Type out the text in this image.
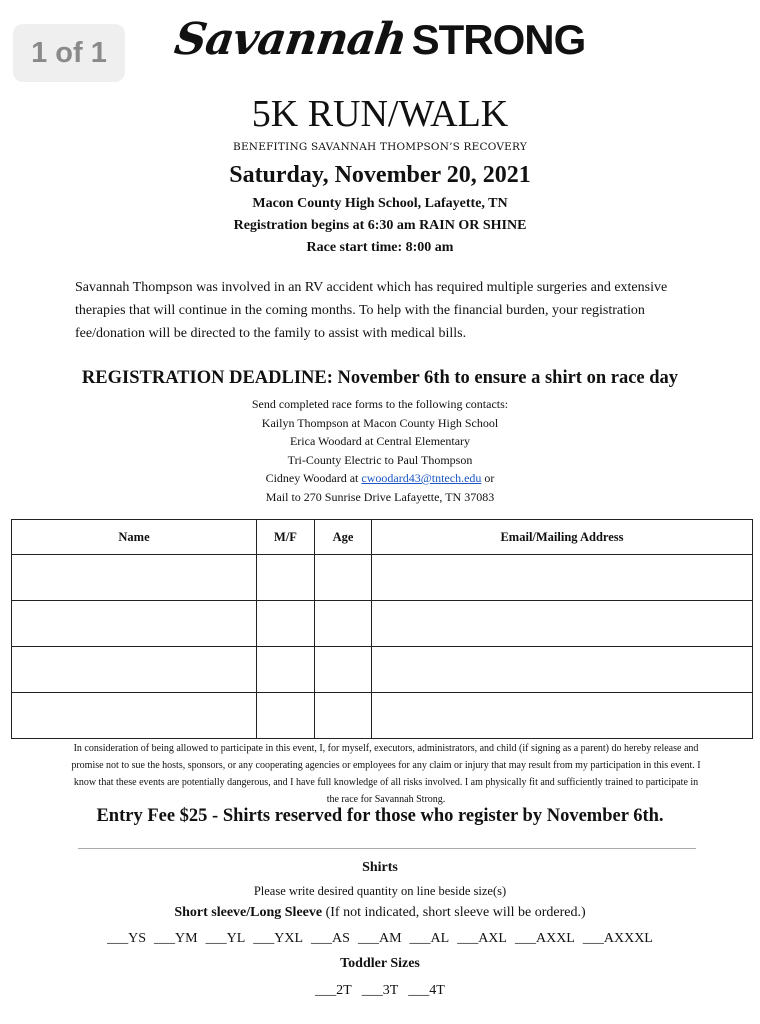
1 of 1	SavannahSTRONG
5K RUN/WALK
BENEFITING SAVANNAH THOMPSON’S RECOVERY
Saturday, November 20, 2021
Macon County High School, Lafayette, TN
Registration begins at 6:30 am RAIN OR SHINE
Race start time: 8:00 am
Savannah Thompson was involved in an RV accident which has required multiple surgeries and extensive therapies that will continue in the coming months. To help with the financial burden, your registration fee/donation will be directed to the family to assist with medical bills.
REGISTRATION DEADLINE: November 6th to ensure a shirt on race day
Send completed race forms to the following contacts:
Kailyn Thompson at Macon County High School
Erica Woodard at Central Elementary
Tri-County Electric to Paul Thompson
Cidney Woodard at cwoodard43@tntech.edu or
Mail to 270 Sunrise Drive Lafayette, TN 37083
Name	M/F	Age	Email/Mailing Address

In consideration of being allowed to participate in this event, I, for myself, executors, administrators, and child (if signing as a parent) do hereby release and promise not to sue the hosts, sponsors, or any cooperating agencies or employees for any claim or injury that may result from my participation in this event. I know that these events are potentially dangerous, and I have full knowledge of all risks involved. I am physically fit and sufficiently trained to participate in the race for Savannah Strong.
Entry Fee $25 - Shirts reserved for those who register by November 6th.
Shirts
Please write desired quantity on line beside size(s)
Short sleeve/Long Sleeve (If not indicated, short sleeve will be ordered.)
___YS ___YM ___YL ___YXL ___AS ___AM ___AL ___AXL ___AXXL ___AXXXL
Toddler Sizes
___2T ___3T ___4T
